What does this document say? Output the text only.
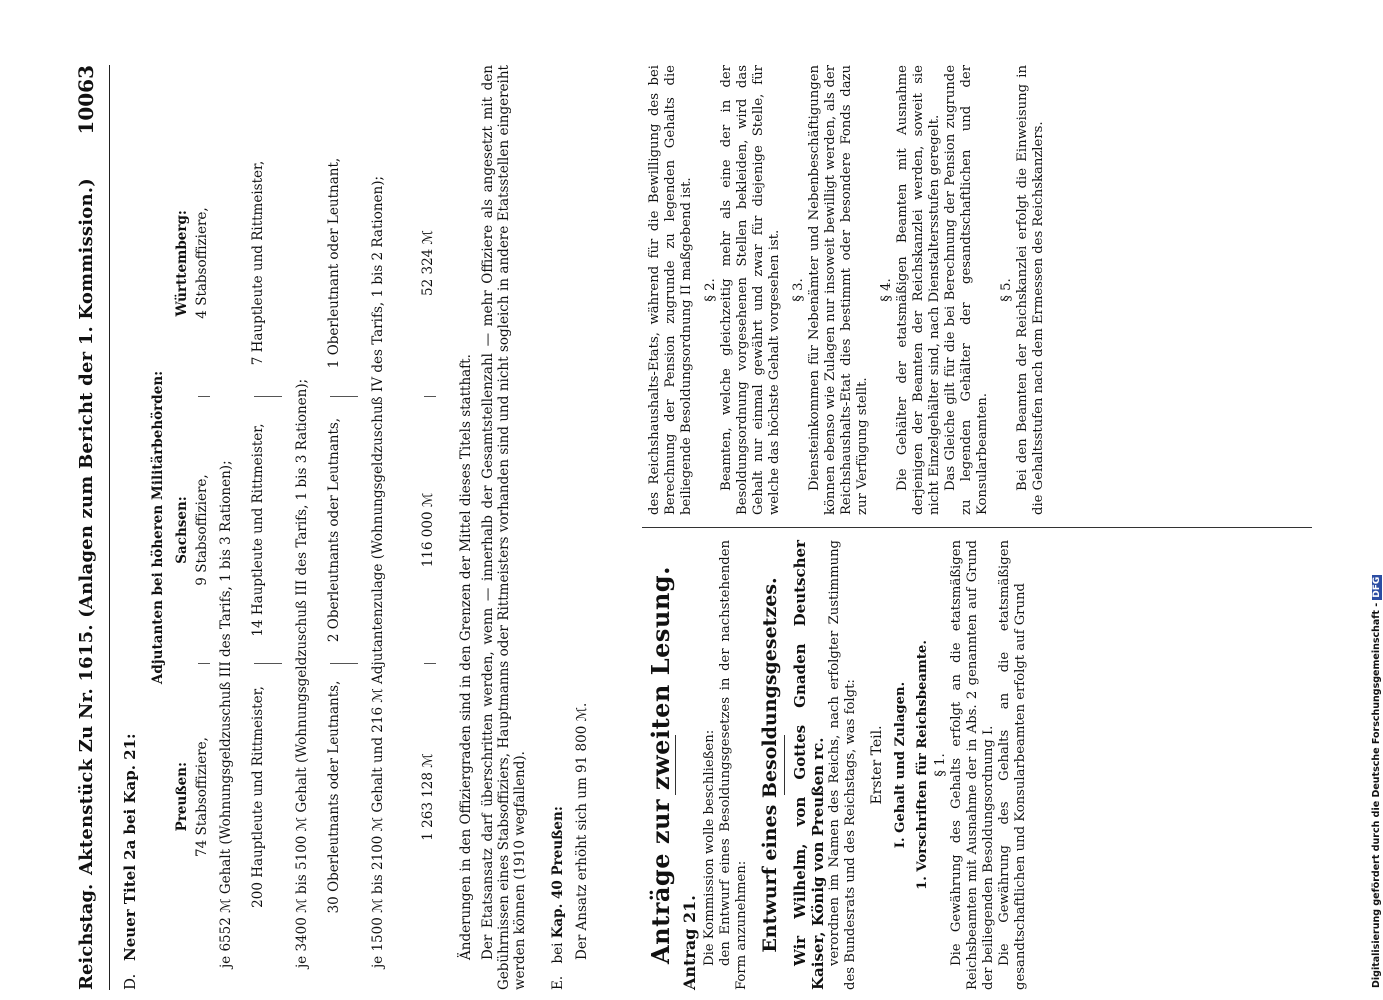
Reichstag.
Aktenstück Zu Nr. 1615. (Anlagen zum Bericht der 1. Kommission.)
10063
D. Neuer Titel 2a bei Kap. 21:
Adjutanten bei höheren Militärbehörden:
Preußen:
Sachsen:
Württemberg:
74 Stabsoffiziere,
9 Stabsoffiziere,
4 Stabsoffiziere,
je 6552 ℳ Gehalt (Wohnungsgeldzuschuß III des Tarifs, 1 bis 3 Rationen); 200 Hauptleute und Rittmeister,
14 Hauptleute und Rittmeister,
7 Hauptleute und Rittmeister,
je 3400 ℳ bis 5100 ℳ Gehalt (Wohnungsgeldzuschuß III des Tarifs, 1 bis 3 Rationen); 30 Oberleutnants oder Leutnants,
2 Oberleutnants oder Leutnants,
1 Oberleutnant oder Leutnant,	je 1500 ℳ bis 2100 ℳ Gehalt und 216 ℳ Adjutantenzulage (Wohnungsgeldzuschuß IV des Tarifs, 1 bis 2 Rationen);	1 263 128 ℳ
116 000 ℳ
52 324 ℳ
Änderungen in den Offiziergraden sind in den Grenzen der Mittel dieses Titels statthaft. Der Etatsansatz darf überschritten werden, wenn — innerhalb der Gesamtstellenzahl — mehr Offiziere als angesetzt mit den Gebührnissen eines Stabsoffiziers, Hauptmanns oder Rittmeisters vorhanden sind und nicht sogleich in andere Etatsstellen eingereiht werden können (1910 wegfallend). E. bei Kap. 40 Preußen: Der Ansatz erhöht sich um 91 800 ℳ. Anträge zur zweiten Lesung. Antrag 21. Die Kommission wolle beschließen: den Entwurf eines Besoldungsgesetzes in der nachstehenden Form anzunehmen: Entwurf eines Besoldungsgesetzes. Wir Wilhelm, von Gottes Gnaden Deutscher Kaiser, König von Preußen rc. verordnen im Namen des Reichs, nach erfolgter Zustimmung des Bundesrats und des Reichstags, was folgt: Erster Teil. I. Gehalt und Zulagen. 1. Vorschriften für Reichsbeamte. § 1. Die Gewährung des Gehalts erfolgt an die etatsmäßigen Reichsbeamten mit Ausnahme der in Abs. 2 genannten auf Grund der beiliegenden Besoldungsordnung I. Die Gewährung des Gehalts an die etatsmäßigen gesandtschaftlichen und Konsularbeamten erfolgt auf Grund

des Reichshaushalts-Etats, während für die Bewilligung des bei Berechnung der Pension zugrunde zu legenden Gehalts die beiliegende Besoldungsordnung II maßgebend ist. § 2. Beamten, welche gleichzeitig mehr als eine der in der Besoldungsordnung vorgesehenen Stellen bekleiden, wird das Gehalt nur einmal gewährt und zwar für diejenige Stelle, für welche das höchste Gehalt vorgesehen ist. § 3. Diensteinkommen für Nebenämter und Nebenbeschäftigungen können ebenso wie Zulagen nur insoweit bewilligt werden, als der Reichshaushalts-Etat dies bestimmt oder besondere Fonds dazu zur Verfügung stellt.

§ 4. Die Gehälter der etatsmäßigen Beamten mit Ausnahme derjenigen der Beamten der Reichskanzlei werden, soweit sie nicht Einzelgehälter sind, nach Dienstaltersstufen geregelt. Das Gleiche gilt für die bei Berechnung der Pension zugrunde zu legenden Gehälter der gesandtschaftlichen und der Konsularbeamten.

§ 5. Bei den Beamten der Reichskanzlei erfolgt die Einweisung in die Gehaltsstufen nach dem Ermessen des Reichskanzlers.

Digitalisierung gefördert durch die Deutsche Forschungsgemeinschaft -DFG
